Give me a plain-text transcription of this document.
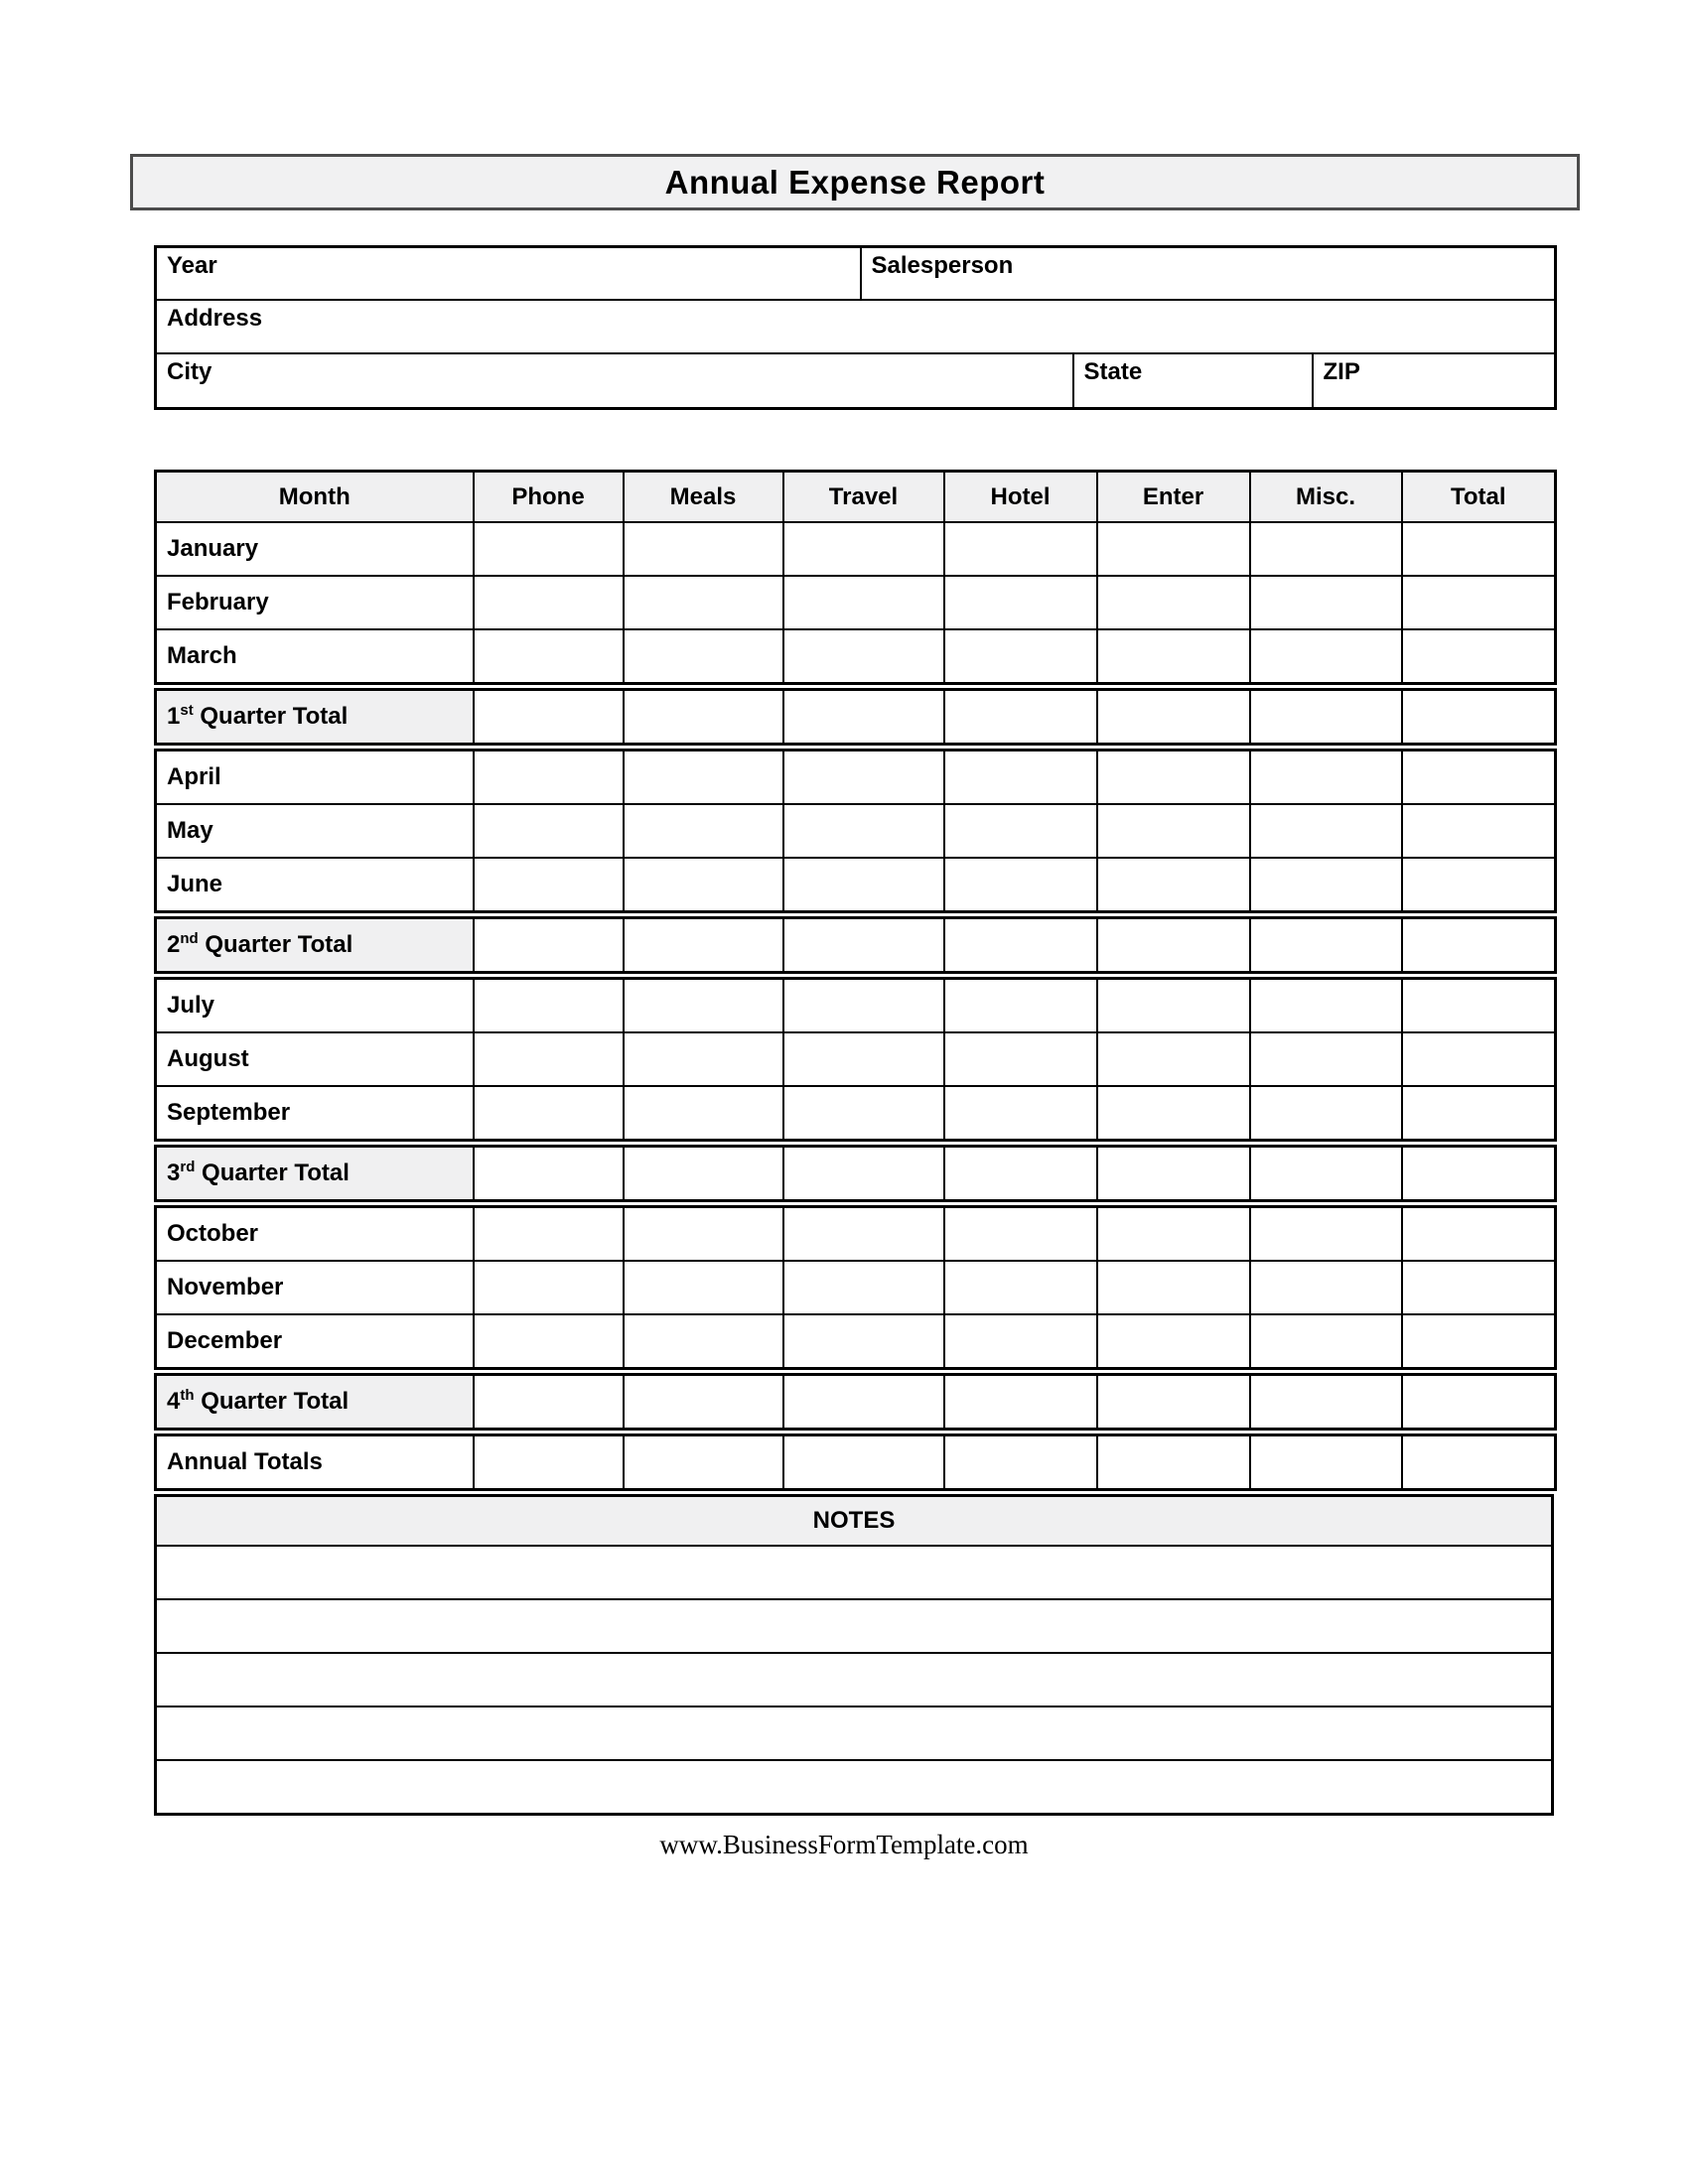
Annual Expense Report
Year	Salesperson		
Address			
City		State	ZIP
Month	Phone	Meals	Travel	Hotel	Enter	Misc.	Total
January							
February							
March							
1st Quarter Total							
April							
May							
June							
2nd Quarter Total							
July							
August							
September							
3rd Quarter Total							
October							
November							
December							
4th Quarter Total							
Annual Totals							
NOTES

www.BusinessFormTemplate.com
